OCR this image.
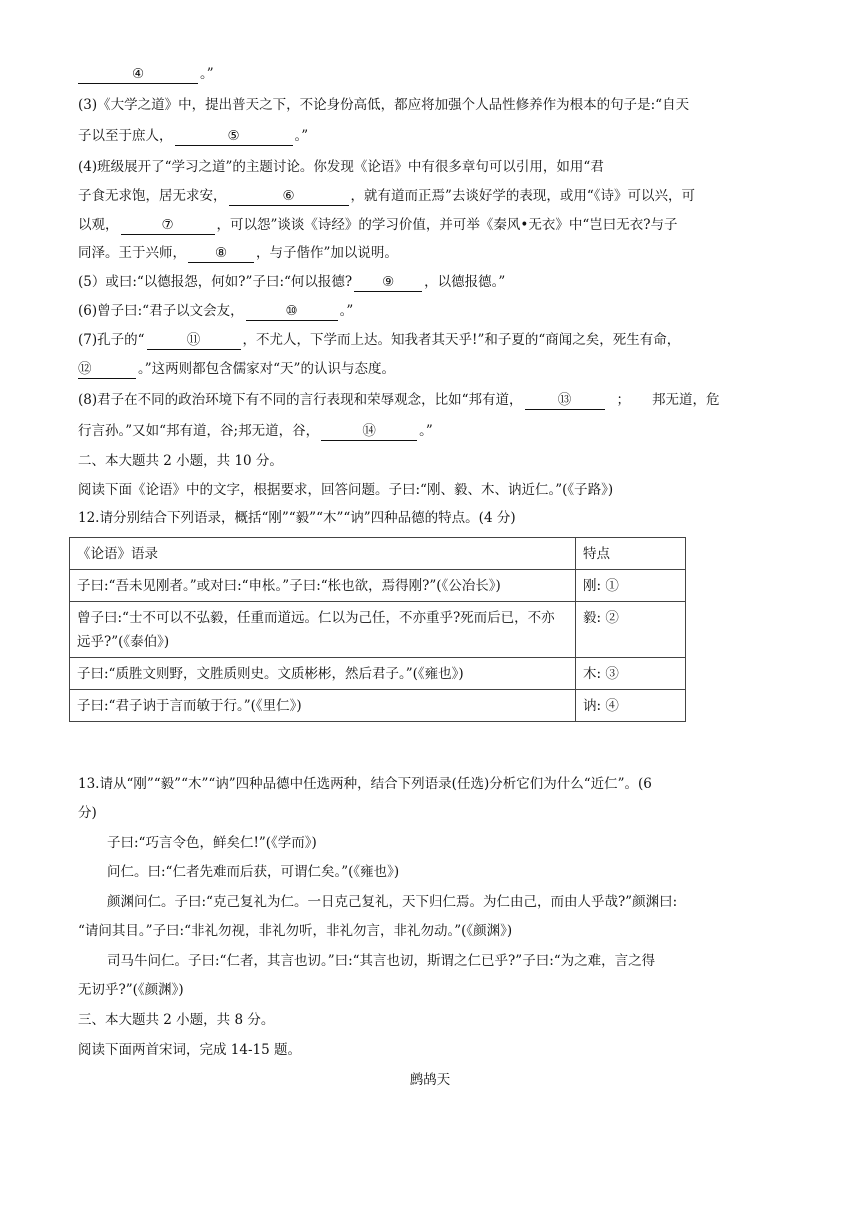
④	。”
(3)《大学之道》中，提出普天之下，不论身份高低，都应将加强个人品性修养作为根本的句子是:“自天
子以至于庶人，	⑤	。”
(4)班级展开了“学习之道”的主题讨论。你发现《论语》中有很多章句可以引用，如用“君
子食无求饱，居无求安，	⑥	，就有道而正焉”去谈好学的表现，或用“《诗》可以兴，可
以观，	⑦	，可以怨”谈谈《诗经》的学习价值，并可举《秦风•无衣》中“岂曰无衣?与子
同泽。王于兴师， ⑧ ，与子偕作”加以说明。
(5）或曰:“以德报怨，何如?”子曰:“何以报德? ⑨ ，以德报德。”
(6)曾子曰:“君子以文会友，	⑩	。”
(7)孔子的“	⑪	，不尤人，下学而上达。知我者其天乎!”和子夏的“商闻之矣，死生有命，
⑫	。”这两则都包含儒家对“天”的认识与态度。
(8)君子在不同的政治环境下有不同的言行表现和荣辱观念，比如“邦有道，	⑬	； 邦无道，危
行言孙。”又如“邦有道，谷;邦无道，谷，	⑭	。”
二、本大题共 2 小题，共 10 分。
阅读下面《论语》中的文字，根据要求，回答问题。子曰:“刚、毅、木、讷近仁。”(《子路》)
12.请分别结合下列语录，概括“刚”“毅”“木”“讷”四种品德的特点。(4 分)
《论语》语录	特点
子曰:“吾未见刚者。”或对曰:“申枨。”子曰:“枨也欲，焉得刚?”(《公冶长》)	刚: ①
曾子曰:“士不可以不弘毅，任重而道远。仁以为己任，不亦重乎?死而后已，不亦远乎?”(《泰伯》)	毅: ②
子曰:“质胜文则野，文胜质则史。文质彬彬，然后君子。”(《雍也》)	木: ③
子曰:“君子讷于言而敏于行。”(《里仁》)	讷: ④
13.请从“刚”“毅”“木”“讷”四种品德中任选两种，结合下列语录(任选)分析它们为什么“近仁”。(6
分)
子曰:“巧言令色，鲜矣仁!”(《学而》)
问仁。曰:“仁者先难而后获，可谓仁矣。”(《雍也》)
颜渊问仁。子曰:“克己复礼为仁。一日克己复礼，天下归仁焉。为仁由己，而由人乎哉?”颜渊曰:
“请问其目。”子曰:“非礼勿视，非礼勿听，非礼勿言，非礼勿动。”(《颜渊》)
司马牛问仁。子曰:“仁者，其言也讱。”曰:“其言也讱，斯谓之仁已乎?”子曰:“为之难，言之得
无讱乎?”(《颜渊》)
三、本大题共 2 小题，共 8 分。
阅读下面两首宋词，完成 14-15 题。
鹧鸪天
